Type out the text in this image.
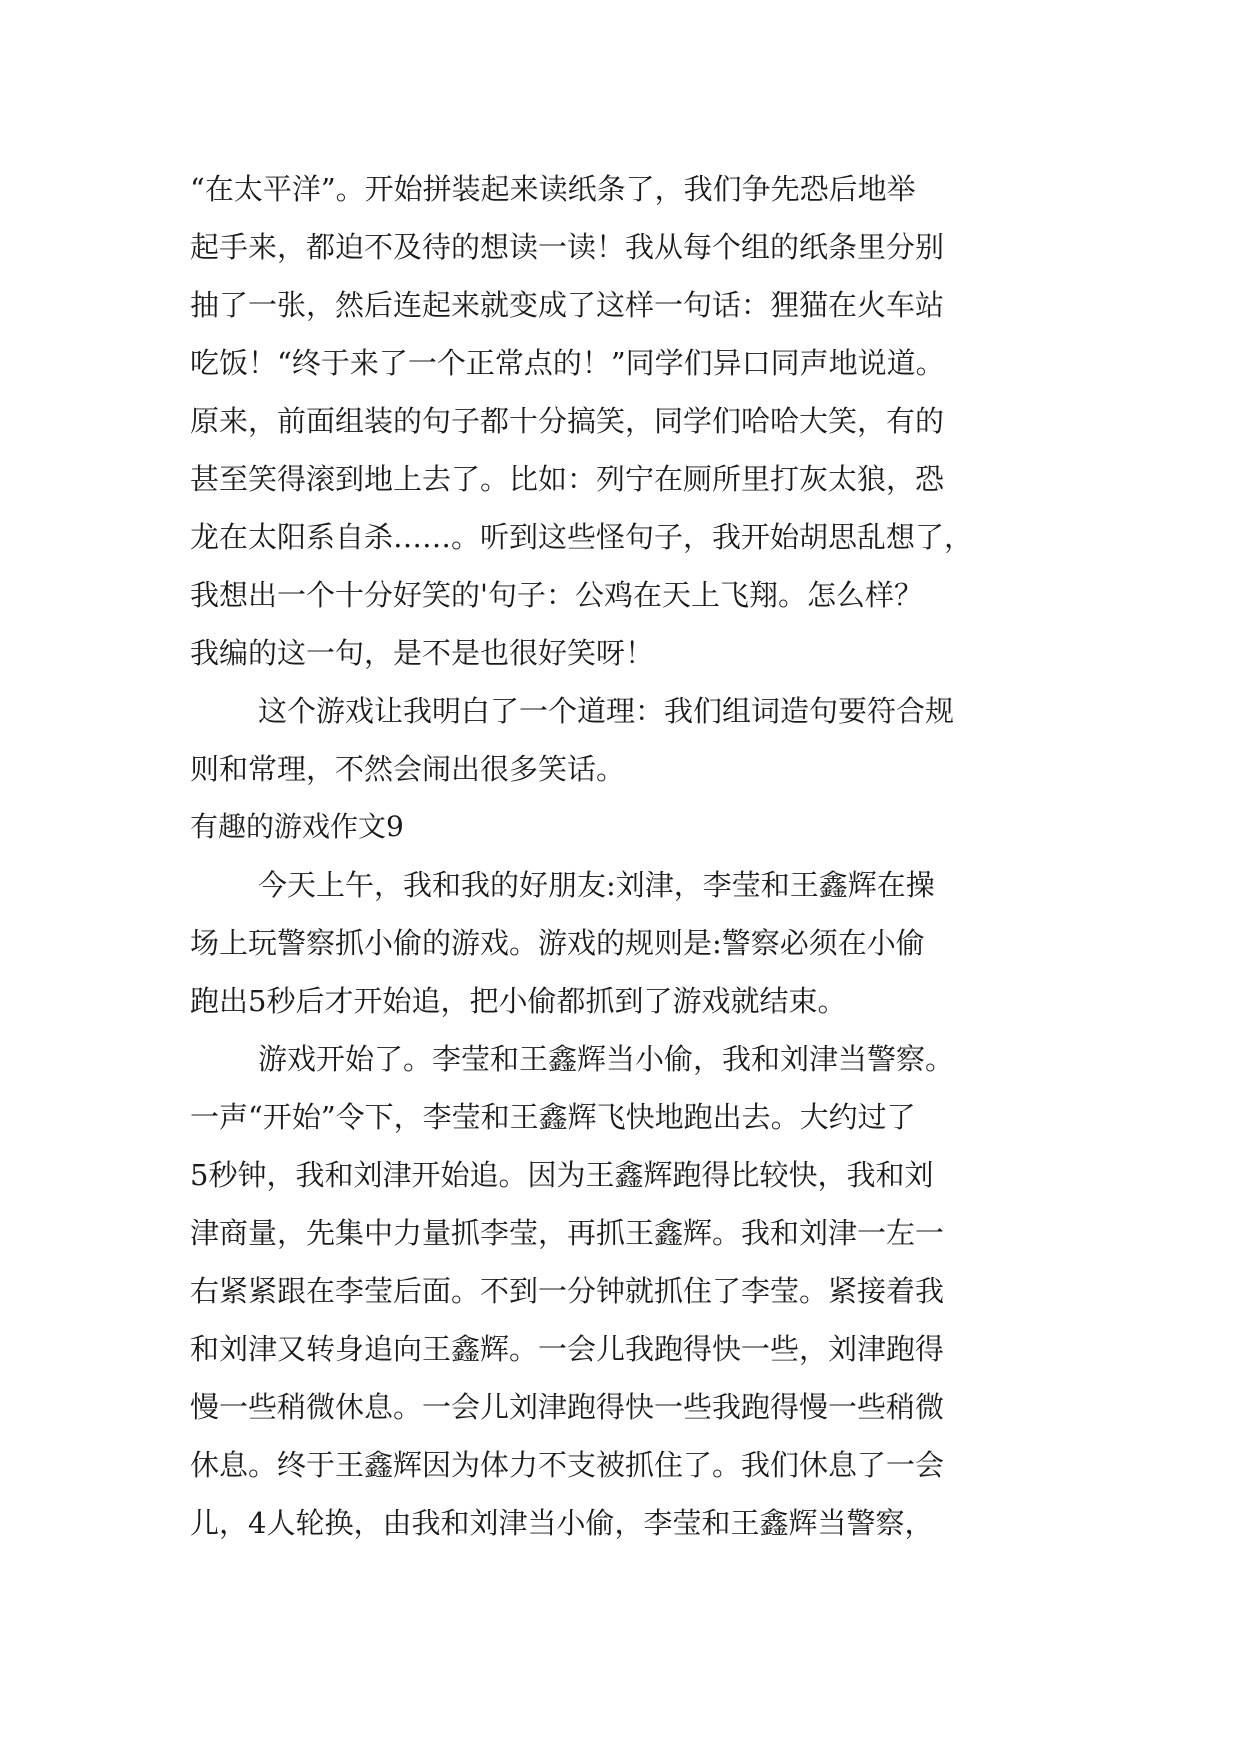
“在太平洋”。开始拼装起来读纸条了，我们争先恐后地举
起手来，都迫不及待的想读一读！我从每个组的纸条里分别
抽了一张，然后连起来就变成了这样一句话：狸猫在火车站
吃饭！“终于来了一个正常点的！”同学们异口同声地说道。
原来，前面组装的句子都十分搞笑，同学们哈哈大笑，有的
甚至笑得滚到地上去了。比如：列宁在厕所里打灰太狼，恐
龙在太阳系自杀……。听到这些怪句子，我开始胡思乱想了，
我想出一个十分好笑的'句子：公鸡在天上飞翔。怎么样？
我编的这一句，是不是也很好笑呀！
这个游戏让我明白了一个道理：我们组词造句要符合规
则和常理，不然会闹出很多笑话。
有趣的游戏作文9
今天上午，我和我的好朋友:刘津，李莹和王鑫辉在操
场上玩警察抓小偷的游戏。游戏的规则是:警察必须在小偷
跑出5秒后才开始追，把小偷都抓到了游戏就结束。
游戏开始了。李莹和王鑫辉当小偷，我和刘津当警察。
一声“开始”令下，李莹和王鑫辉飞快地跑出去。大约过了
5秒钟，我和刘津开始追。因为王鑫辉跑得比较快，我和刘
津商量，先集中力量抓李莹，再抓王鑫辉。我和刘津一左一
右紧紧跟在李莹后面。不到一分钟就抓住了李莹。紧接着我
和刘津又转身追向王鑫辉。一会儿我跑得快一些，刘津跑得
慢一些稍微休息。一会儿刘津跑得快一些我跑得慢一些稍微
休息。终于王鑫辉因为体力不支被抓住了。我们休息了一会
儿，4人轮换，由我和刘津当小偷，李莹和王鑫辉当警察，
